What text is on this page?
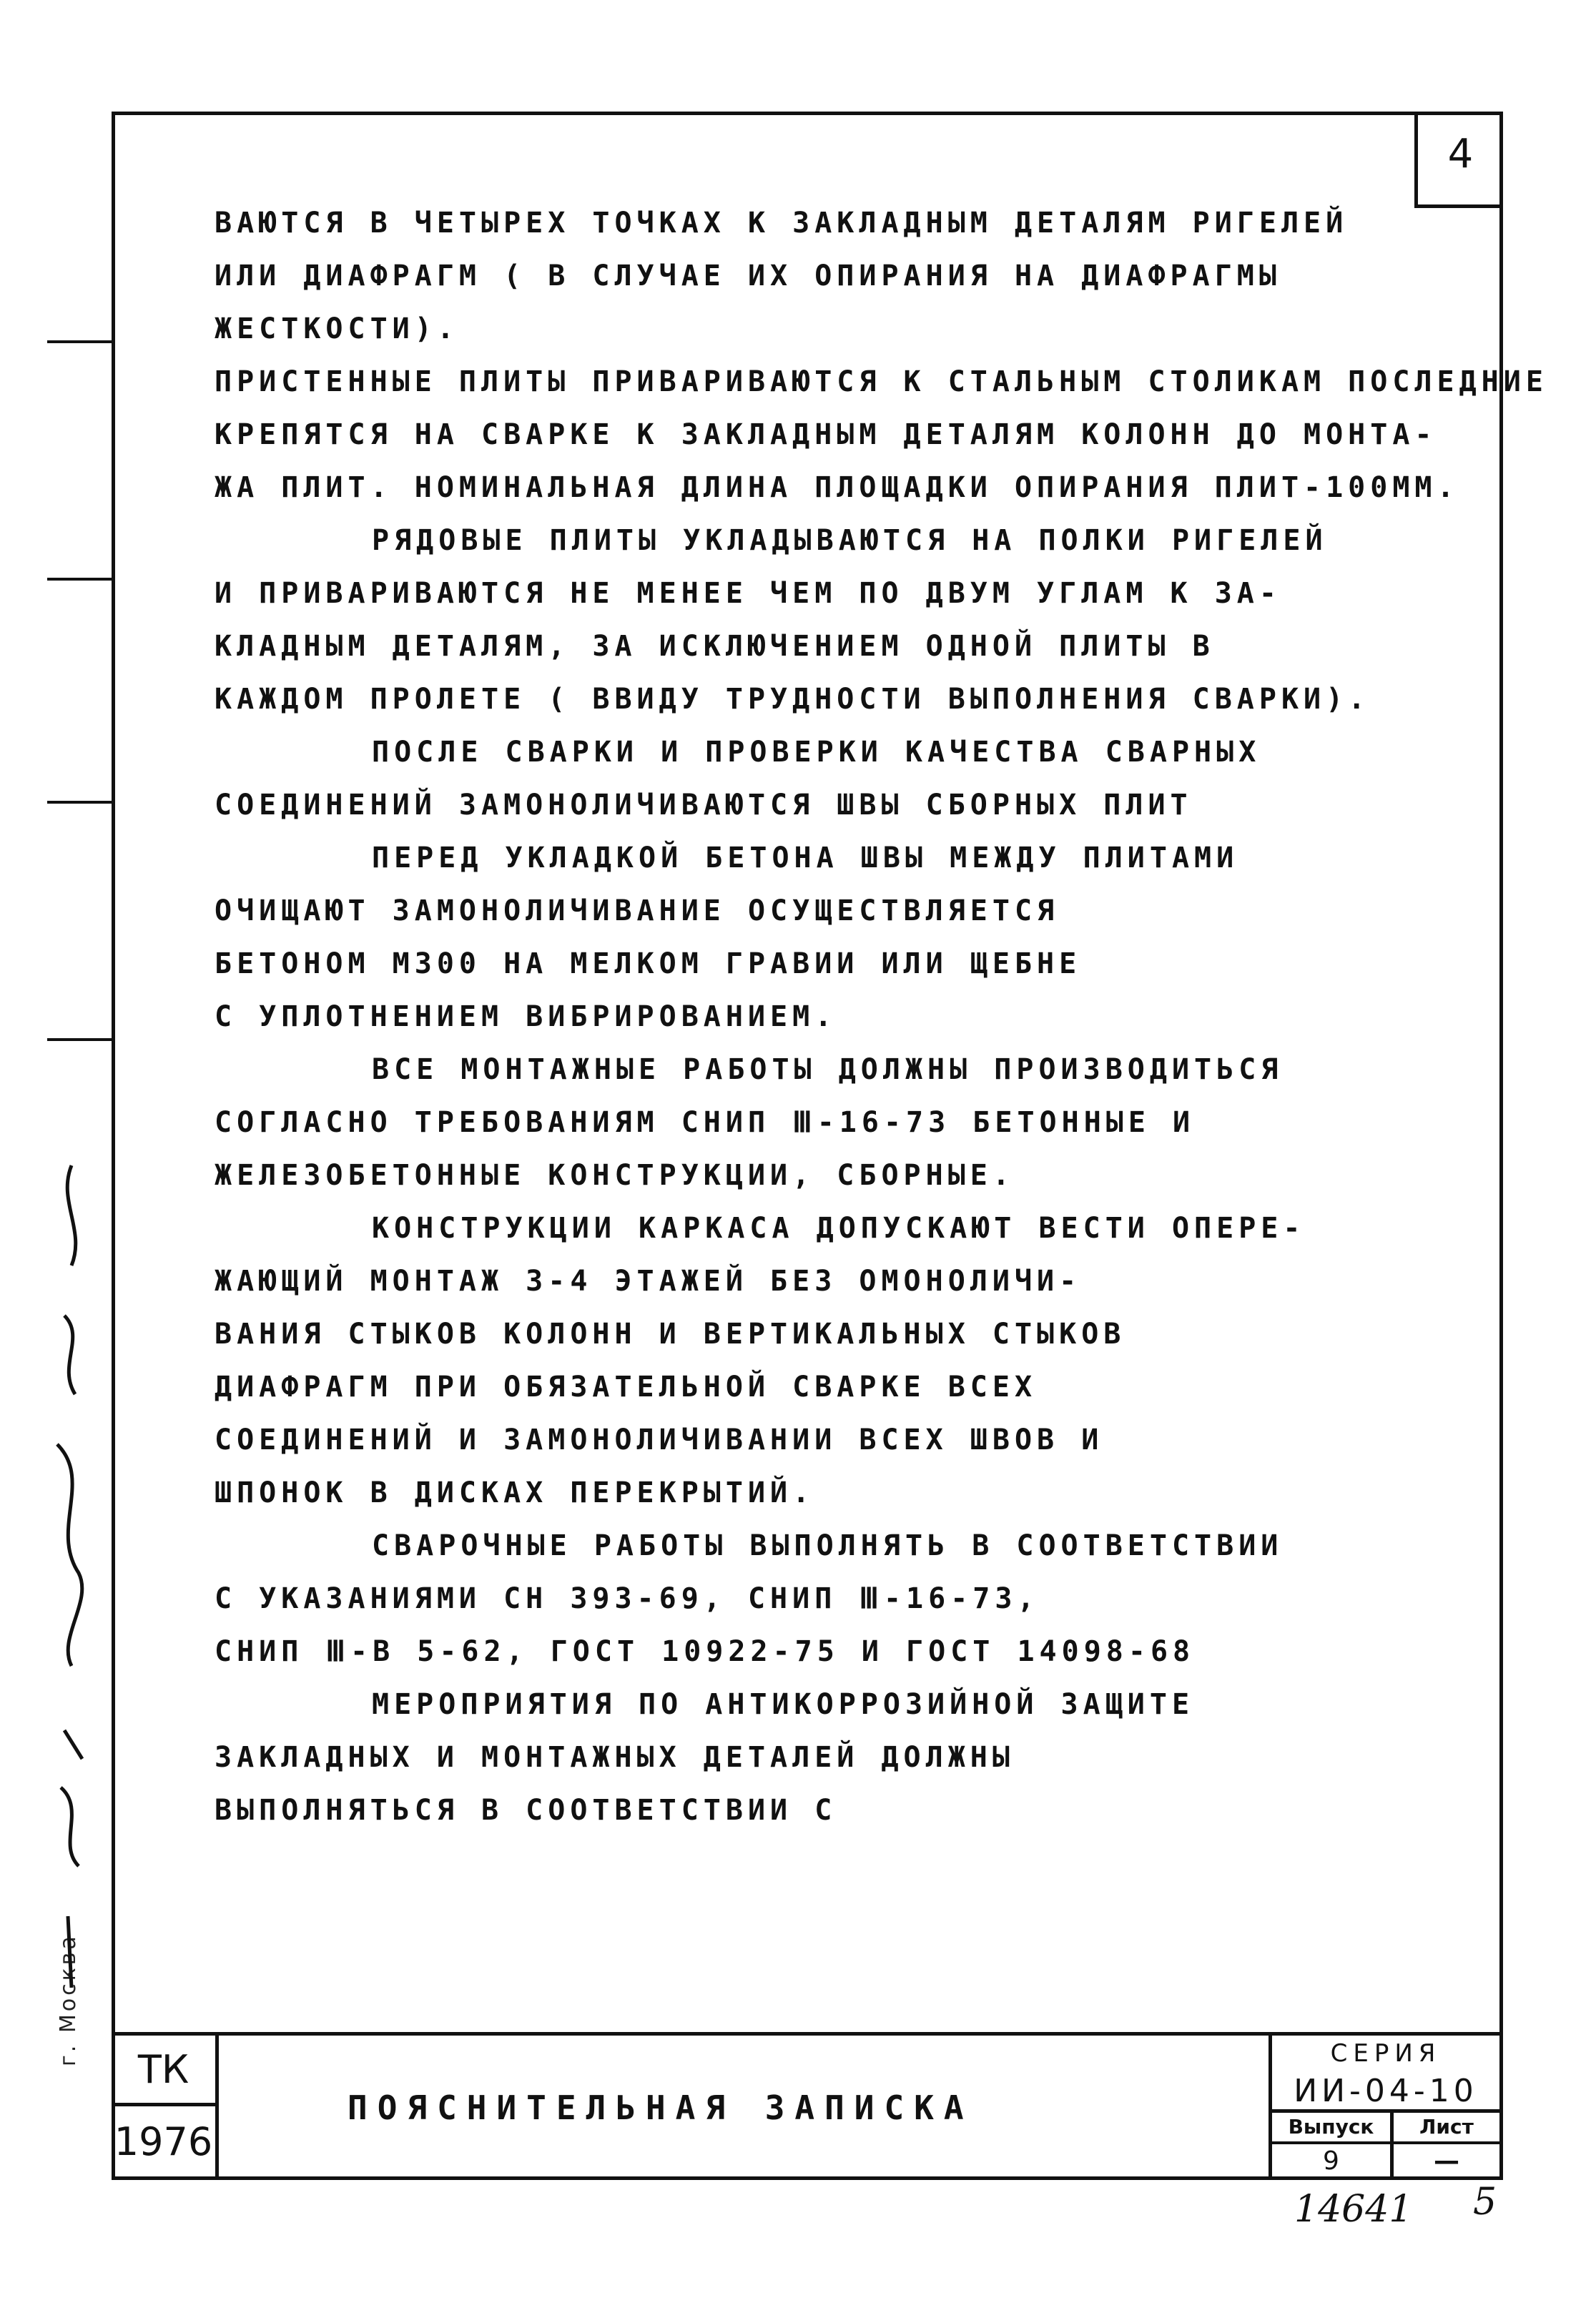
4
ВАЮТСЯ В ЧЕТЫРЕХ ТОЧКАХ К ЗАКЛАДНЫМ ДЕТАЛЯМ РИГЕЛЕЙ
ИЛИ ДИАФРАГМ ( В СЛУЧАЕ ИХ ОПИРАНИЯ НА ДИАФРАГМЫ
ЖЕСТКОСТИ).
ПРИСТЕННЫЕ ПЛИТЫ ПРИВАРИВАЮТСЯ К СТАЛЬНЫМ СТОЛИКАМ ПОСЛЕДНИЕ
КРЕПЯТСЯ НА СВАРКЕ К ЗАКЛАДНЫМ ДЕТАЛЯМ КОЛОНН ДО МОНТА-
ЖА ПЛИТ. НОМИНАЛЬНАЯ ДЛИНА ПЛОЩАДКИ ОПИРАНИЯ ПЛИТ-100ММ.
РЯДОВЫЕ ПЛИТЫ УКЛАДЫВАЮТСЯ НА ПОЛКИ РИГЕЛЕЙ
И ПРИВАРИВАЮТСЯ НЕ МЕНЕЕ ЧЕМ ПО ДВУМ УГЛАМ К ЗА-
КЛАДНЫМ ДЕТАЛЯМ, ЗА ИСКЛЮЧЕНИЕМ ОДНОЙ ПЛИТЫ В
КАЖДОМ ПРОЛЕТЕ ( ВВИДУ ТРУДНОСТИ ВЫПОЛНЕНИЯ СВАРКИ).
ПОСЛЕ СВАРКИ И ПРОВЕРКИ КАЧЕСТВА СВАРНЫХ
СОЕДИНЕНИЙ ЗАМОНОЛИЧИВАЮТСЯ ШВЫ СБОРНЫХ ПЛИТ
ПЕРЕД УКЛАДКОЙ БЕТОНА ШВЫ МЕЖДУ ПЛИТАМИ
ОЧИЩАЮТ ЗАМОНОЛИЧИВАНИЕ ОСУЩЕСТВЛЯЕТСЯ
БЕТОНОМ М300 НА МЕЛКОМ ГРАВИИ ИЛИ ЩЕБНЕ
С УПЛОТНЕНИЕМ ВИБРИРОВАНИЕМ.
ВСЕ МОНТАЖНЫЕ РАБОТЫ ДОЛЖНЫ ПРОИЗВОДИТЬСЯ
СОГЛАСНО ТРЕБОВАНИЯМ СНИП Ⅲ-16-73 БЕТОННЫЕ И
ЖЕЛЕЗОБЕТОННЫЕ КОНСТРУКЦИИ, СБОРНЫЕ.
КОНСТРУКЦИИ КАРКАСА ДОПУСКАЮТ ВЕСТИ ОПЕРЕ-
ЖАЮЩИЙ МОНТАЖ 3-4 ЭТАЖЕЙ БЕЗ ОМОНОЛИЧИ-
ВАНИЯ СТЫКОВ КОЛОНН И ВЕРТИКАЛЬНЫХ СТЫКОВ
ДИАФРАГМ ПРИ ОБЯЗАТЕЛЬНОЙ СВАРКЕ ВСЕХ
СОЕДИНЕНИЙ И ЗАМОНОЛИЧИВАНИИ ВСЕХ ШВОВ И
ШПОНОК В ДИСКАХ ПЕРЕКРЫТИЙ.
СВАРОЧНЫЕ РАБОТЫ ВЫПОЛНЯТЬ В СООТВЕТСТВИИ
С УКАЗАНИЯМИ СН 393-69, СНИП Ⅲ-16-73,
СНИП Ⅲ-В 5-62, ГОСТ 10922-75 И ГОСТ 14098-68
МЕРОПРИЯТИЯ ПО АНТИКОРРОЗИЙНОЙ ЗАЩИТЕ
ЗАКЛАДНЫХ И МОНТАЖНЫХ ДЕТАЛЕЙ ДОЛЖНЫ
ВЫПОЛНЯТЬСЯ В СООТВЕТСТВИИ С
г. Москва
ТК
1976
ПОЯСНИТЕЛЬНАЯ ЗАПИСКА
СЕРИЯ
ИИ-04-10
Выпуск	Лист
9	—
14641 5
